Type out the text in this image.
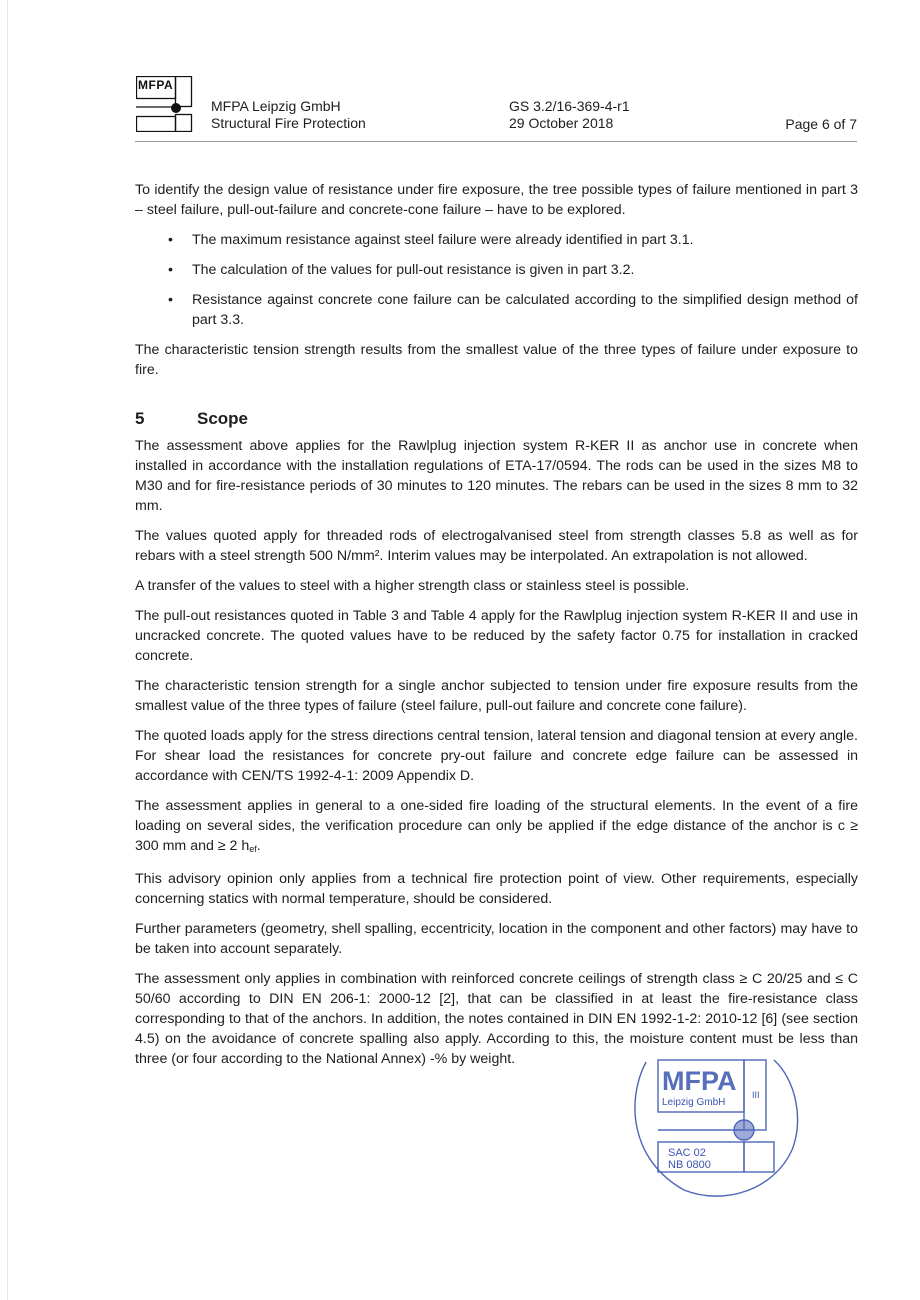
MFPA
MFPA Leipzig GmbH
Structural Fire Protection
GS 3.2/16-369-4-r1
29 October 2018	Page 6 of 7

To identify the design value of resistance under fire exposure, the tree possible types of failure mentioned in part 3 – steel failure, pull-out-failure and concrete-cone failure – have to be explored.

• The maximum resistance against steel failure were already identified in part 3.1.
• The calculation of the values for pull-out resistance is given in part 3.2.
• Resistance against concrete cone failure can be calculated according to the simplified design method of part 3.3.

The characteristic tension strength results from the smallest value of the three types of failure under exposure to fire.

5	Scope

The assessment above applies for the Rawlplug injection system R-KER II as anchor use in concrete when installed in accordance with the installation regulations of ETA-17/0594. The rods can be used in the sizes M8 to M30 and for fire-resistance periods of 30 minutes to 120 minutes. The rebars can be used in the sizes 8 mm to 32 mm.

The values quoted apply for threaded rods of electrogalvanised steel from strength classes 5.8 as well as for rebars with a steel strength 500 N/mm². Interim values may be interpolated. An extrapolation is not allowed.

A transfer of the values to steel with a higher strength class or stainless steel is possible.

The pull-out resistances quoted in Table 3 and Table 4 apply for the Rawlplug injection system R-KER II and use in uncracked concrete. The quoted values have to be reduced by the safety factor 0.75 for installation in cracked concrete.

The characteristic tension strength for a single anchor subjected to tension under fire exposure results from the smallest value of the three types of failure (steel failure, pull-out failure and concrete cone failure).

The quoted loads apply for the stress directions central tension, lateral tension and diagonal tension at every angle. For shear load the resistances for concrete pry-out failure and concrete edge failure can be assessed in accordance with CEN/TS 1992-4-1: 2009 Appendix D.

The assessment applies in general to a one-sided fire loading of the structural elements. In the event of a fire loading on several sides, the verification procedure can only be applied if the edge distance of the anchor is c ≥ 300 mm and ≥ 2 $h_{ef}$.

This advisory opinion only applies from a technical fire protection point of view. Other requirements, especially concerning statics with normal temperature, should be considered.

Further parameters (geometry, shell spalling, eccentricity, location in the component and other factors) may have to be taken into account separately.

The assessment only applies in combination with reinforced concrete ceilings of strength class ≥ C 20/25 and ≤ C 50/60 according to DIN EN 206-1: 2000-12 [2], that can be classified in at least the fire-resistance class corresponding to that of the anchors. In addition, the notes contained in DIN EN 1992-1-2: 2010-12 [6] (see section 4.5) on the avoidance of concrete spalling also apply. According to this, the moisture content must be less than three (or four according to the National Annex) -% by weight.

MFPA
Leipzig GmbH
III
SAC 02
NB 0800
